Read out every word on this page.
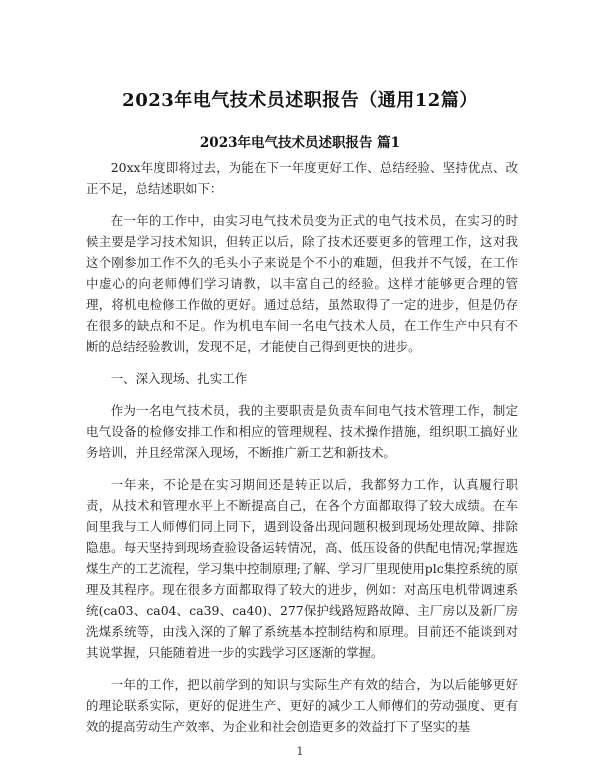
2023年电气技术员述职报告（通用12篇）
2023年电气技术员述职报告 篇1

20xx年度即将过去，为能在下一年度更好工作、总结经验、坚持优点、改正不足，总结述职如下：

在一年的工作中，由实习电气技术员变为正式的电气技术员，在实习的时候主要是学习技术知识，但转正以后，除了技术还要更多的管理工作，这对我这个刚参加工作不久的毛头小子来说是个不小的难题，但我并不气馁，在工作中虚心的向老师傅们学习请教，以丰富自己的经验。这样才能够更合理的管理，将机电检修工作做的更好。通过总结，虽然取得了一定的进步，但是仍存在很多的缺点和不足。作为机电车间一名电气技术人员，在工作生产中只有不断的总结经验教训，发现不足，才能使自己得到更快的进步。

一、深入现场、扎实工作

作为一名电气技术员，我的主要职责是负责车间电气技术管理工作，制定电气设备的检修安排工作和相应的管理规程、技术操作措施，组织职工搞好业务培训，并且经常深入现场，不断推广新工艺和新技术。

一年来，不论是在实习期间还是转正以后，我都努力工作，认真履行职责，从技术和管理水平上不断提高自己，在各个方面都取得了较大成绩。在车间里我与工人师傅们同上同下，遇到设备出现问题积极到现场处理故障、排除隐患。每天坚持到现场查验设备运转情况，高、低压设备的供配电情况;掌握选煤生产的工艺流程，学习集中控制原理;了解、学习厂里现使用plc集控系统的原理及其程序。现在很多方面都取得了较大的进步，例如：对高压电机带调速系统(ca03、ca04、ca39、ca40)、277保护线路短路故障、主厂房以及新厂房洗煤系统等，由浅入深的了解了系统基本控制结构和原理。目前还不能谈到对其说掌握，只能随着进一步的实践学习区逐渐的掌握。

一年的工作，把以前学到的知识与实际生产有效的结合，为以后能够更好的理论联系实际，更好的促进生产、更好的减少工人师傅们的劳动强度、更有效的提高劳动生产效率、为企业和社会创造更多的效益打下了坚实的基

1
